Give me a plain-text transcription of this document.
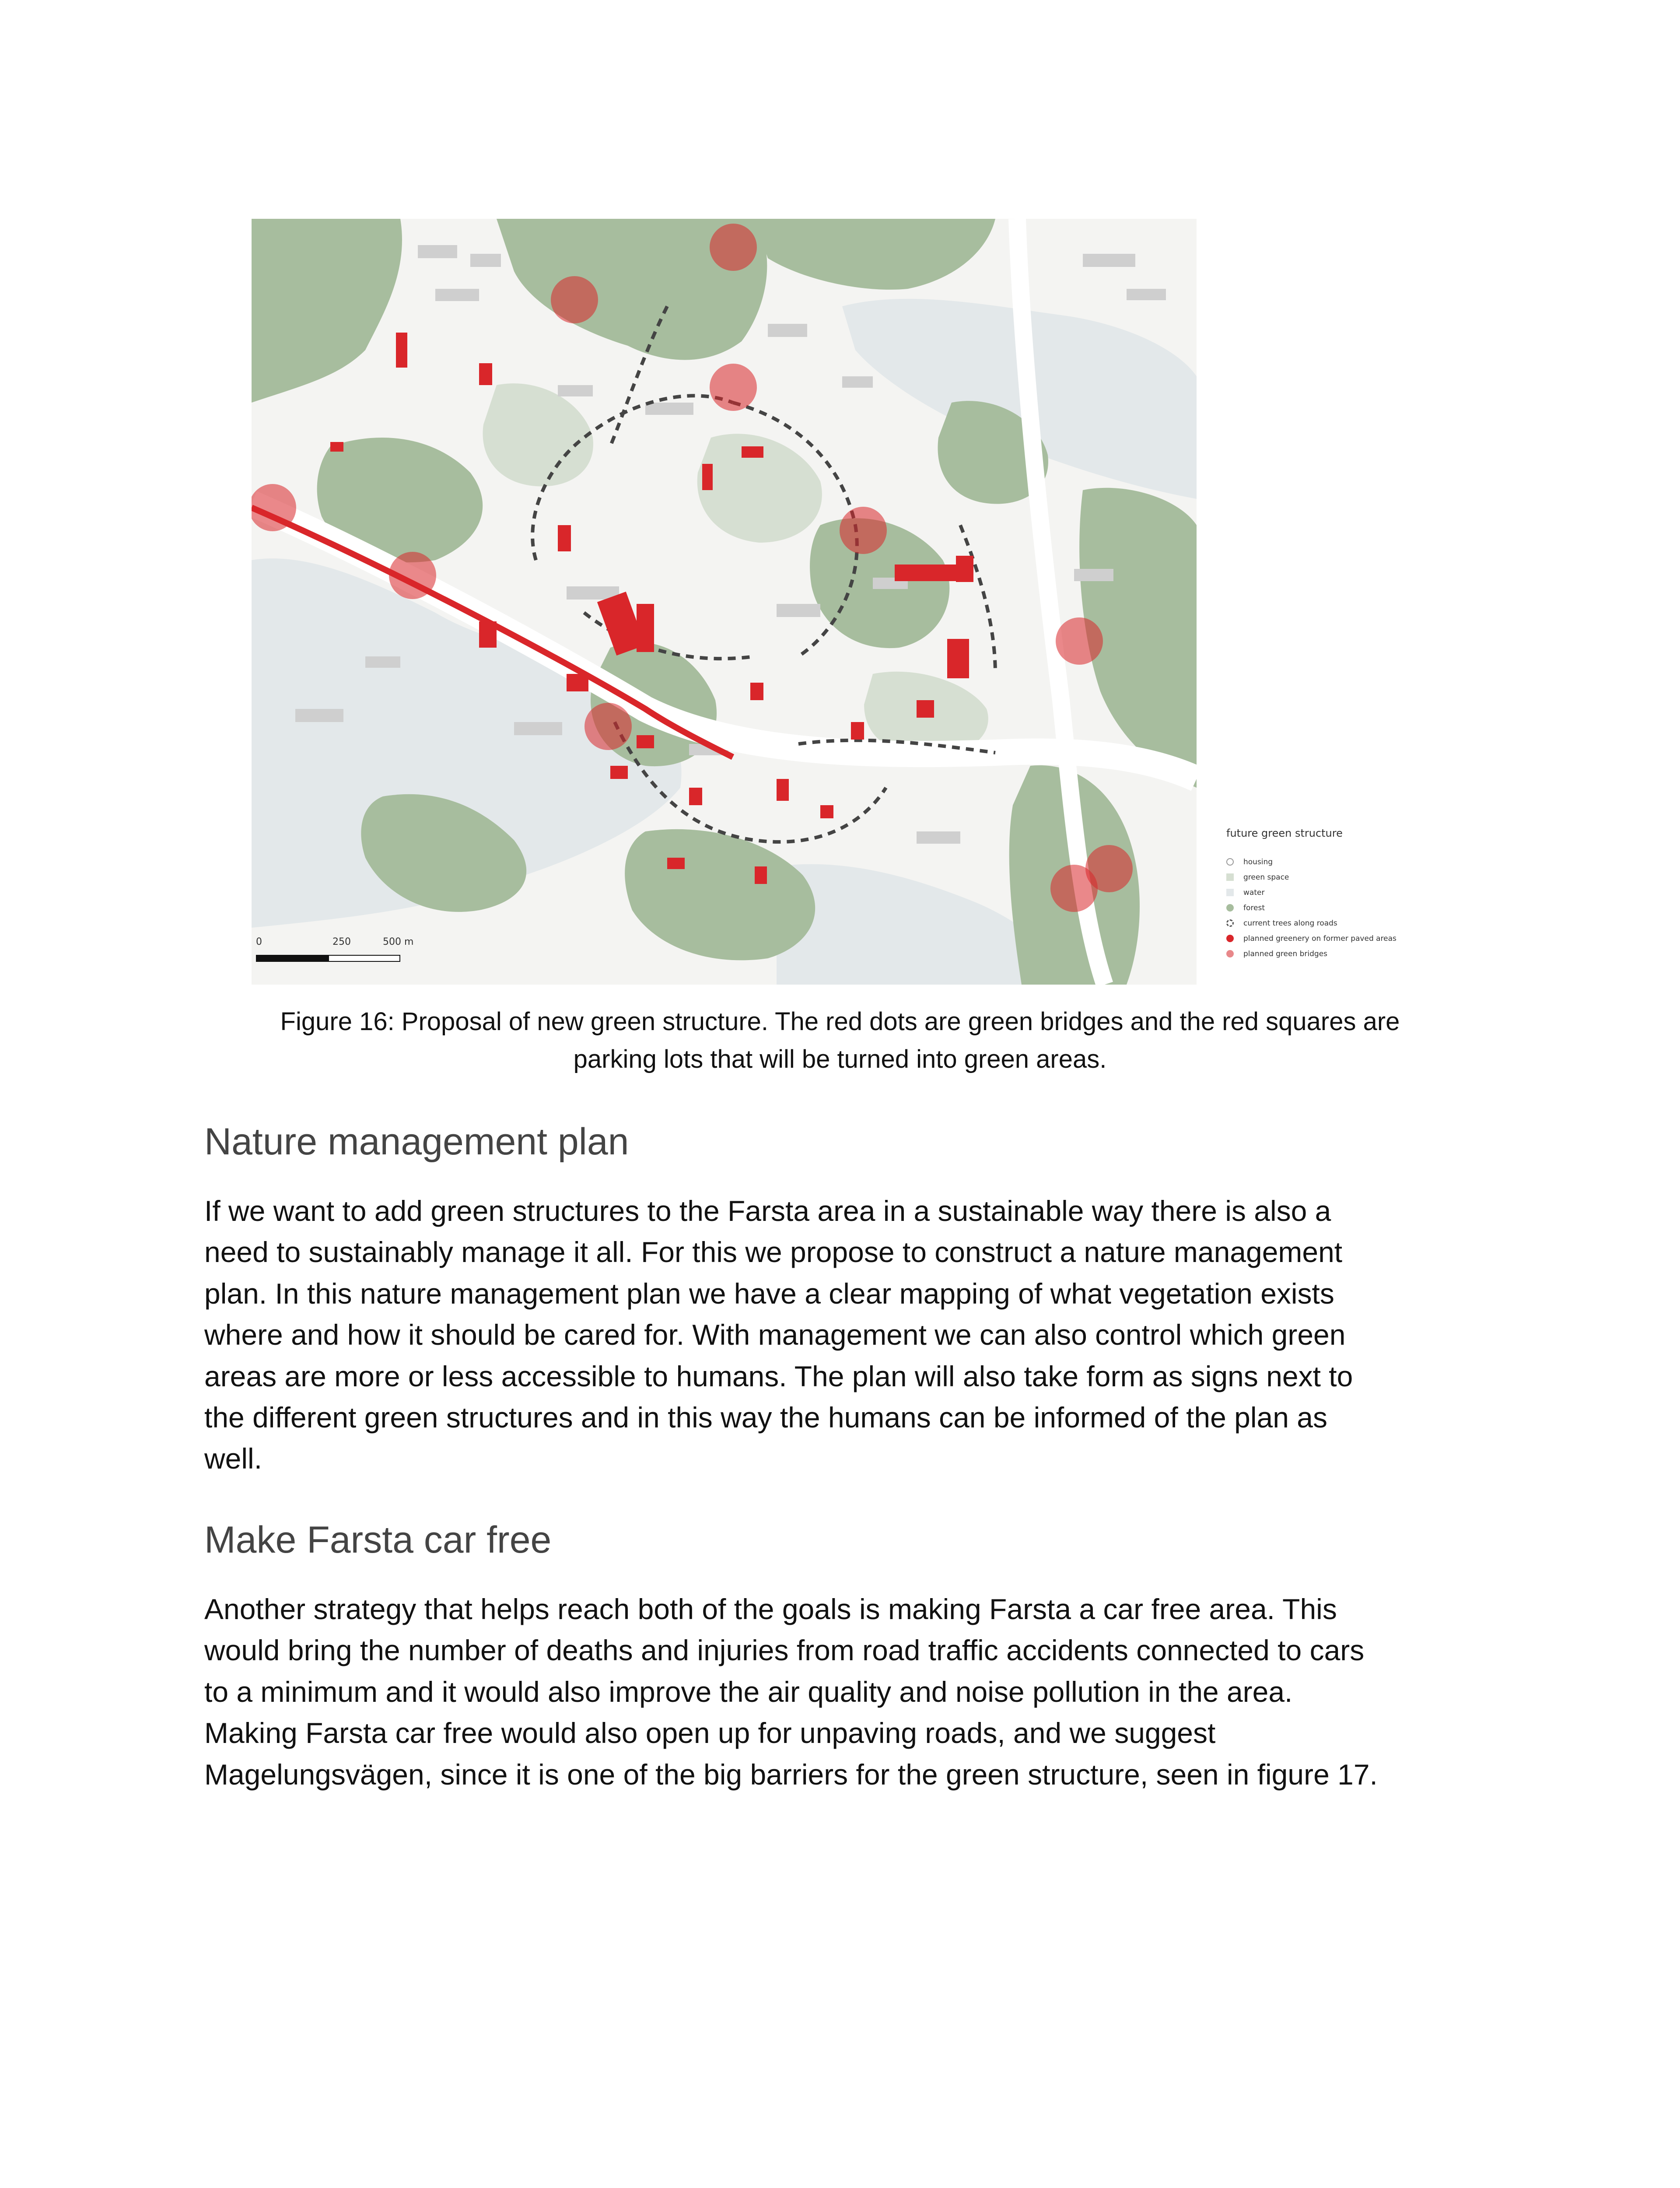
0	250	500 m
future green structure
housing
green space
water
forest
current trees along roads
planned greenery on former paved areas
planned green bridges
Figure 16: Proposal of new green structure. The red dots are green bridges and the red squares are
parking lots that will be turned into green areas.
Nature management plan

If we want to add green structures to the Farsta area in a sustainable way there is also a
need to sustainably manage it all. For this we propose to construct a nature management
plan. In this nature management plan we have a clear mapping of what vegetation exists
where and how it should be cared for. With management we can also control which green
areas are more or less accessible to humans. The plan will also take form as signs next to
the different green structures and in this way the humans can be informed of the plan as
well.

Make Farsta car free

Another strategy that helps reach both of the goals is making Farsta a car free area. This
would bring the number of deaths and injuries from road traffic accidents connected to cars
to a minimum and it would also improve the air quality and noise pollution in the area.
Making Farsta car free would also open up for unpaving roads, and we suggest
Magelungsvägen, since it is one of the big barriers for the green structure, seen in figure 17.
